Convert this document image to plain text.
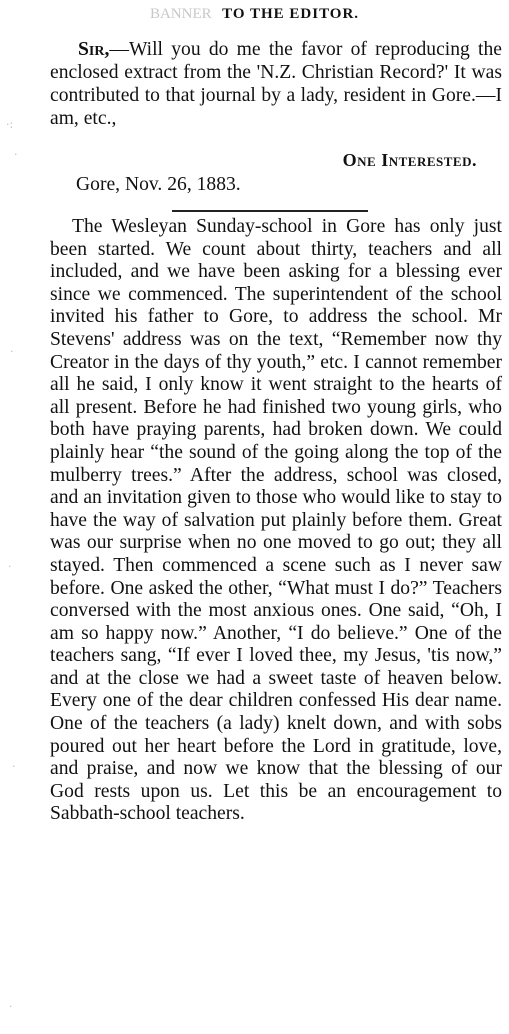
BANNER TO THE EDITOR.
Sir,—Will you do me the favor of reproducing the enclosed extract from the 'N.Z. Christian Record?' It was contributed to that journal by a lady, resident in Gore.—I am, etc.,
One Interested.
Gore, Nov. 26, 1883.
The Wesleyan Sunday-school in Gore has only just been started. We count about thirty, teachers and all included, and we have been asking for a blessing ever since we commenced. The superintendent of the school invited his father to Gore, to address the school. Mr Stevens' address was on the text, “Remember now thy Creator in the days of thy youth,” etc. I cannot remember all he said, I only know it went straight to the hearts of all present. Before he had finished two young girls, who both have praying parents, had broken down. We could plainly hear “the sound of the going along the top of the mulberry trees.” After the address, school was closed, and an invitation given to those who would like to stay to have the way of salvation put plainly before them. Great was our surprise when no one moved to go out; they all stayed. Then commenced a scene such as I never saw before. One asked the other, “What must I do?” Teachers conversed with the most anxious ones. One said, “Oh, I am so happy now.” Another, “I do believe.” One of the teachers sang, “If ever I loved thee, my Jesus, 'tis now,” and at the close we had a sweet taste of heaven below. Every one of the dear children confessed His dear name. One of the teachers (a lady) knelt down, and with sobs poured out her heart before the Lord in gratitude, love, and praise, and now we know that the blessing of our God rests upon us. Let this be an encouragement to Sabbath-school teachers.
·:
·
·
·
·
·
